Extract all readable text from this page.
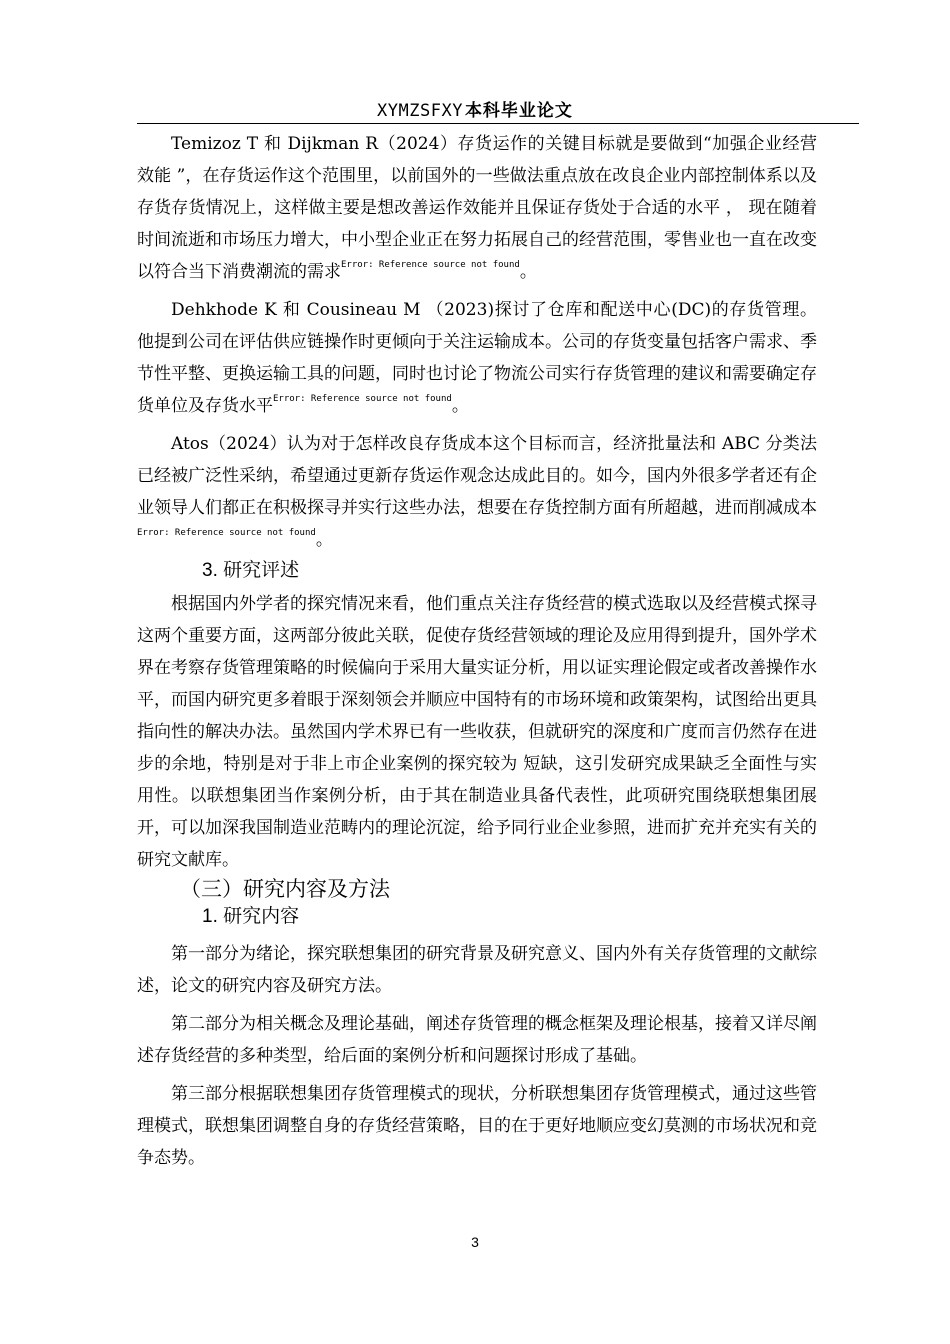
XYMZSFXY 本科毕业论文

Temizoz T 和 Dijkman R（2024）存货运作的关键目标就是要做到“加强企业经营效能 ”，在存货运作这个范围里，以前国外的一些做法重点放在改良企业内部控制体系以及存货存货情况上，这样做主要是想改善运作效能并且保证存货处于合适的水平 ， 现在随着时间流逝和市场压力增大，中小型企业正在努力拓展自己的经营范围，零售业也一直在改变以符合当下消费潮流的需求$^{Error: Reference source not found}$。

Dehkhode K 和 Cousineau M （2023)探讨了仓库和配送中心(DC)的存货管理。他提到公司在评估供应链操作时更倾向于关注运输成本。公司的存货变量包括客户需求、季节性平整、更换运输工具的问题，同时也讨论了物流公司实行存货管理的建议和需要确定存货单位及存货水平$^{Error: Reference source not found}$。

Atos（2024）认为对于怎样改良存货成本这个目标而言，经济批量法和 ABC 分类法已经被广泛性采纳，希望通过更新存货运作观念达成此目的。如今，国内外很多学者还有企业领导人们都正在积极探寻并实行这些办法，想要在存货控制方面有所超越，进而削减成本$^{Error: Reference source not found}$。

3. 研究评述

根据国内外学者的探究情况来看，他们重点关注存货经营的模式选取以及经营模式探寻这两个重要方面，这两部分彼此关联，促使存货经营领域的理论及应用得到提升，国外学术界在考察存货管理策略的时候偏向于采用大量实证分析，用以证实理论假定或者改善操作水平，而国内研究更多着眼于深刻领会并顺应中国特有的市场环境和政策架构，试图给出更具指向性的解决办法。虽然国内学术界已有一些收获，但就研究的深度和广度而言仍然存在进步的余地，特别是对于非上市企业案例的探究较为 短缺，这引发研究成果缺乏全面性与实用性。以联想集团当作案例分析，由于其在制造业具备代表性，此项研究围绕联想集团展开，可以加深我国制造业范畴内的理论沉淀，给予同行业企业参照，进而扩充并充实有关的研究文献库。

（三）研究内容及方法
1. 研究内容

第一部分为绪论，探究联想集团的研究背景及研究意义、国内外有关存货管理的文献综述，论文的研究内容及研究方法。

第二部分为相关概念及理论基础，阐述存货管理的概念框架及理论根基，接着又详尽阐述存货经营的多种类型，给后面的案例分析和问题探讨形成了基础。

第三部分根据联想集团存货管理模式的现状，分析联想集团存货管理模式，通过这些管理模式，联想集团调整自身的存货经营策略，目的在于更好地顺应变幻莫测的市场状况和竞争态势。

3
